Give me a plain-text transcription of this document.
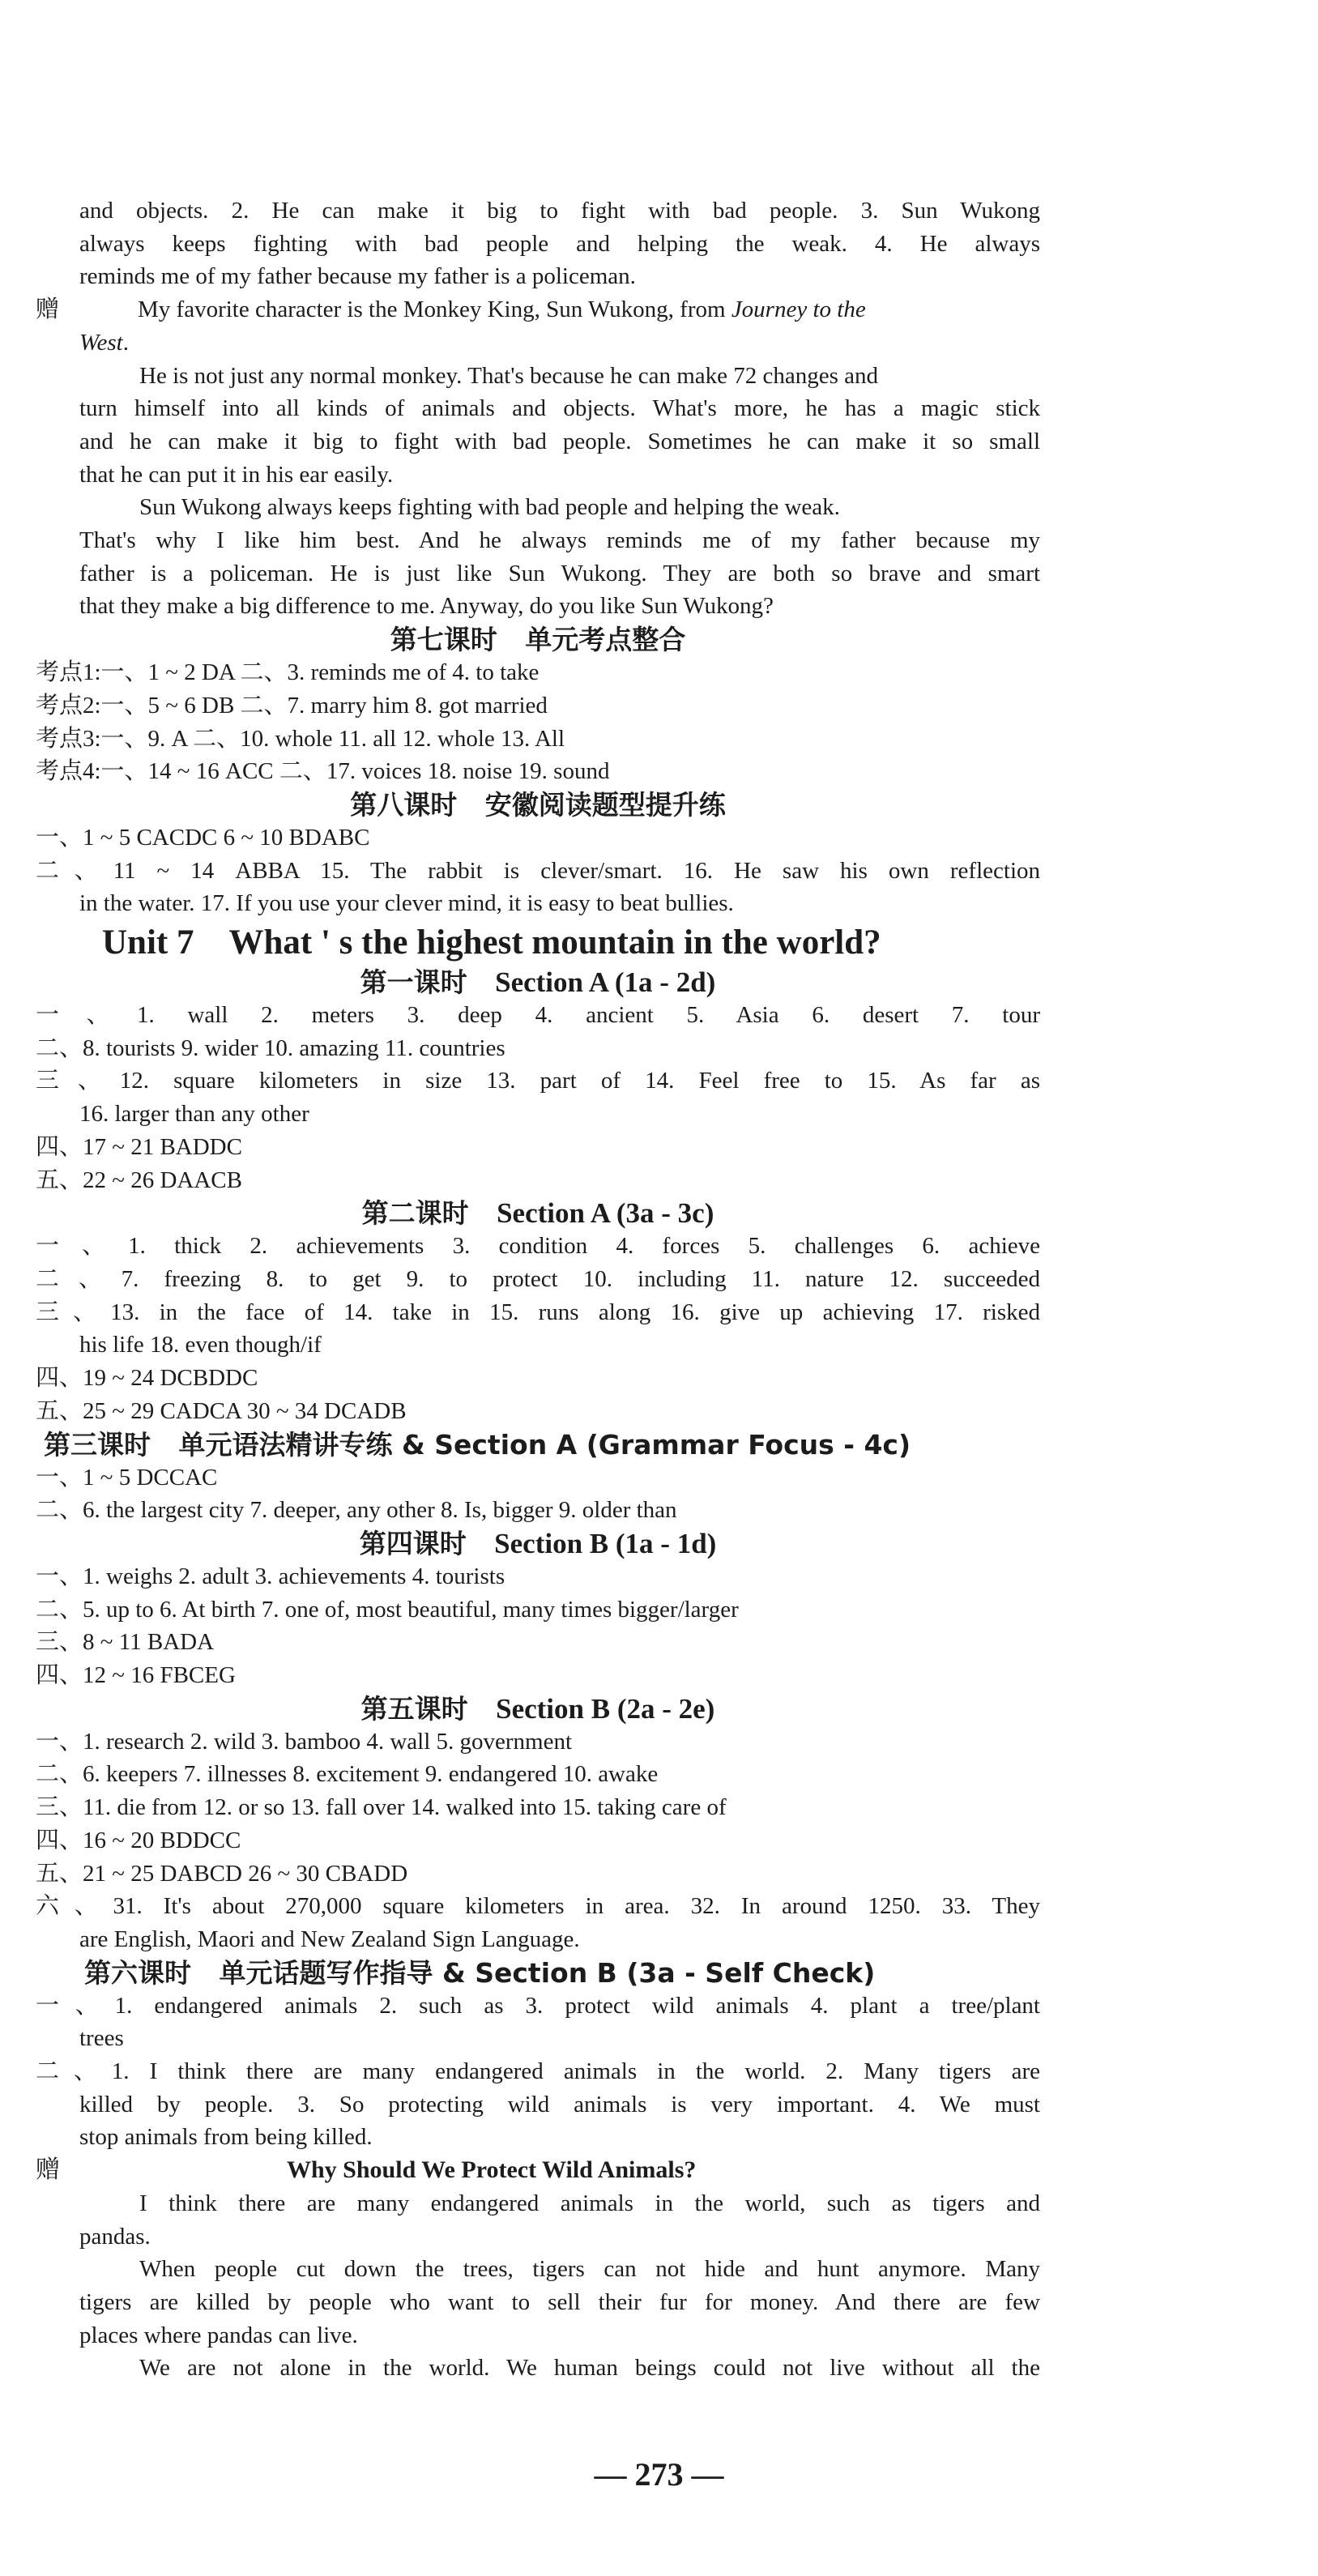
and objects. 2. He can make it big to fight with bad people. 3. Sun Wukong
always keeps fighting with bad people and helping the weak. 4. He always
reminds me of my father because my father is a policeman.
赠	My favorite character is the Monkey King, Sun Wukong, from Journey to the
West.
He is not just any normal monkey. That's because he can make 72 changes and
turn himself into all kinds of animals and objects. What's more, he has a magic stick
and he can make it big to fight with bad people. Sometimes he can make it so small
that he can put it in his ear easily.
Sun Wukong always keeps fighting with bad people and helping the weak.
That's why I like him best. And he always reminds me of my father because my
father is a policeman. He is just like Sun Wukong. They are both so brave and smart
that they make a big difference to me. Anyway, do you like Sun Wukong?
第七课时 单元考点整合
考点1:一、1 ~ 2 DA 二、3. reminds me of 4. to take
考点2:一、5 ~ 6 DB 二、7. marry him 8. got married
考点3:一、9. A 二、10. whole 11. all 12. whole 13. All
考点4:一、14 ~ 16 ACC 二、17. voices 18. noise 19. sound
第八课时 安徽阅读题型提升练
一、1 ~ 5 CACDC 6 ~ 10 BDABC
二、11 ~ 14 ABBA 15. The rabbit is clever/smart. 16. He saw his own reflection
in the water. 17. If you use your clever mind, it is easy to beat bullies.
Unit 7 What ' s the highest mountain in the world?
第一课时 Section A (1a - 2d)
一、1. wall 2. meters 3. deep 4. ancient 5. Asia 6. desert 7. tour
二、8. tourists 9. wider 10. amazing 11. countries
三、12. square kilometers in size 13. part of 14. Feel free to 15. As far as
16. larger than any other
四、17 ~ 21 BADDC
五、22 ~ 26 DAACB
第二课时 Section A (3a - 3c)
一、1. thick 2. achievements 3. condition 4. forces 5. challenges 6. achieve
二、7. freezing 8. to get 9. to protect 10. including 11. nature 12. succeeded
三、13. in the face of 14. take in 15. runs along 16. give up achieving 17. risked
his life 18. even though/if
四、19 ~ 24 DCBDDC
五、25 ~ 29 CADCA 30 ~ 34 DCADB
第三课时 单元语法精讲专练 & Section A (Grammar Focus - 4c)
一、1 ~ 5 DCCAC
二、6. the largest city 7. deeper, any other 8. Is, bigger 9. older than
第四课时 Section B (1a - 1d)
一、1. weighs 2. adult 3. achievements 4. tourists
二、5. up to 6. At birth 7. one of, most beautiful, many times bigger/larger
三、8 ~ 11 BADA
四、12 ~ 16 FBCEG
第五课时 Section B (2a - 2e)
一、1. research 2. wild 3. bamboo 4. wall 5. government
二、6. keepers 7. illnesses 8. excitement 9. endangered 10. awake
三、11. die from 12. or so 13. fall over 14. walked into 15. taking care of
四、16 ~ 20 BDDCC
五、21 ~ 25 DABCD 26 ~ 30 CBADD
六、31. It's about 270,000 square kilometers in area. 32. In around 1250. 33. They
are English, Maori and New Zealand Sign Language.
第六课时 单元话题写作指导 & Section B (3a - Self Check)
一、1. endangered animals 2. such as 3. protect wild animals 4. plant a tree/plant
trees
二、1. I think there are many endangered animals in the world. 2. Many tigers are
killed by people. 3. So protecting wild animals is very important. 4. We must
stop animals from being killed.
赠	Why Should We Protect Wild Animals?
I think there are many endangered animals in the world, such as tigers and
pandas.
When people cut down the trees, tigers can not hide and hunt anymore. Many
tigers are killed by people who want to sell their fur for money. And there are few
places where pandas can live.
We are not alone in the world. We human beings could not live without all the
— 273 —
